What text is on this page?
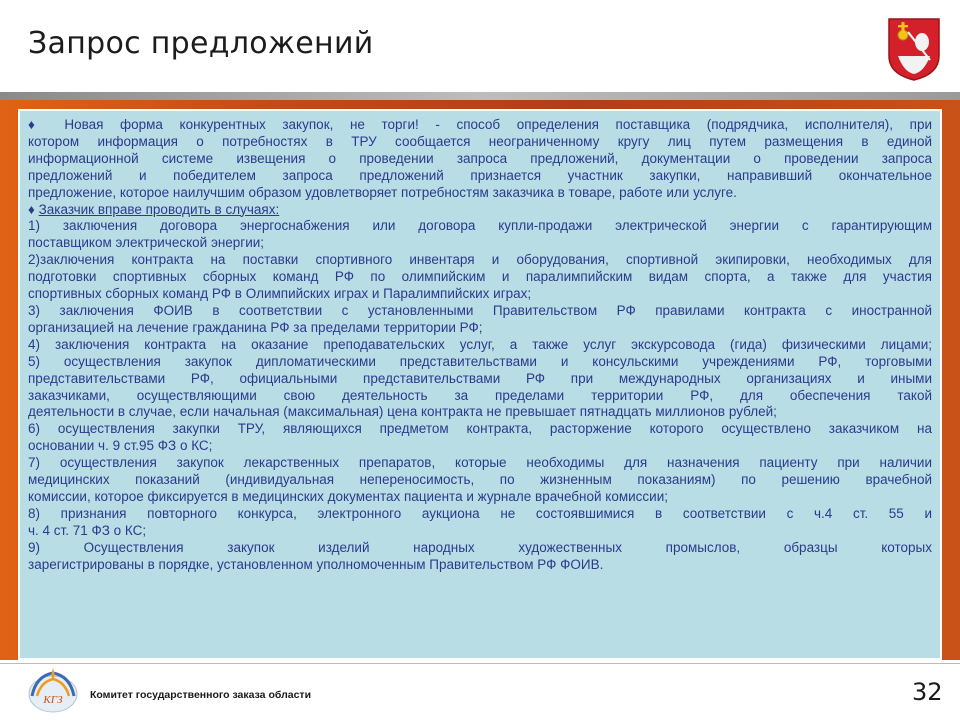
Запрос предложений
♦ Новая форма конкурентных закупок, не торги! - способ определения поставщика (подрядчика, исполнителя), при
котором информация о потребностях в ТРУ сообщается неограниченному кругу лиц путем размещения в единой
информационной системе извещения о проведении запроса предложений, документации о проведении запроса
предложений и победителем запроса предложений признается участник закупки, направивший окончательное
предложение, которое наилучшим образом удовлетворяет потребностям заказчика в товаре, работе или услуге.
♦ Заказчик вправе проводить в случаях:
1) заключения договора энергоснабжения или договора купли-продажи электрической энергии с гарантирующим
поставщиком электрической энергии;
2)заключения контракта на поставки спортивного инвентаря и оборудования, спортивной экипировки, необходимых для
подготовки спортивных сборных команд РФ по олимпийским и паралимпийским видам спорта, а также для участия
спортивных сборных команд РФ в Олимпийских играх и Паралимпийских играх;
3) заключения ФОИВ в соответствии с установленными Правительством РФ правилами контракта с иностранной
организацией на лечение гражданина РФ за пределами территории РФ;
4) заключения контракта на оказание преподавательских услуг, а также услуг экскурсовода (гида) физическими лицами;
5) осуществления закупок дипломатическими представительствами и консульскими учреждениями РФ, торговыми
представительствами РФ, официальными представительствами РФ при международных организациях и иными
заказчиками, осуществляющими свою деятельность за пределами территории РФ, для обеспечения такой
деятельности в случае, если начальная (максимальная) цена контракта не превышает пятнадцать миллионов рублей;
6) осуществления закупки ТРУ, являющихся предметом контракта, расторжение которого осуществлено заказчиком на
основании ч. 9 ст.95 ФЗ о КС;
7) осуществления закупок лекарственных препаратов, которые необходимы для назначения пациенту при наличии
медицинских показаний (индивидуальная непереносимость, по жизненным показаниям) по решению врачебной
комиссии, которое фиксируется в медицинских документах пациента и журнале врачебной комиссии;
8) признания повторного конкурса, электронного аукциона не состоявшимися в соответствии с ч.4 ст. 55 и
ч. 4 ст. 71 ФЗ о КС;
9) Осуществления закупок изделий народных художественных промыслов, образцы которых
зарегистрированы в порядке, установленном уполномоченным Правительством РФ ФОИВ.
КГЗ	Комитет государственного заказа области	32
